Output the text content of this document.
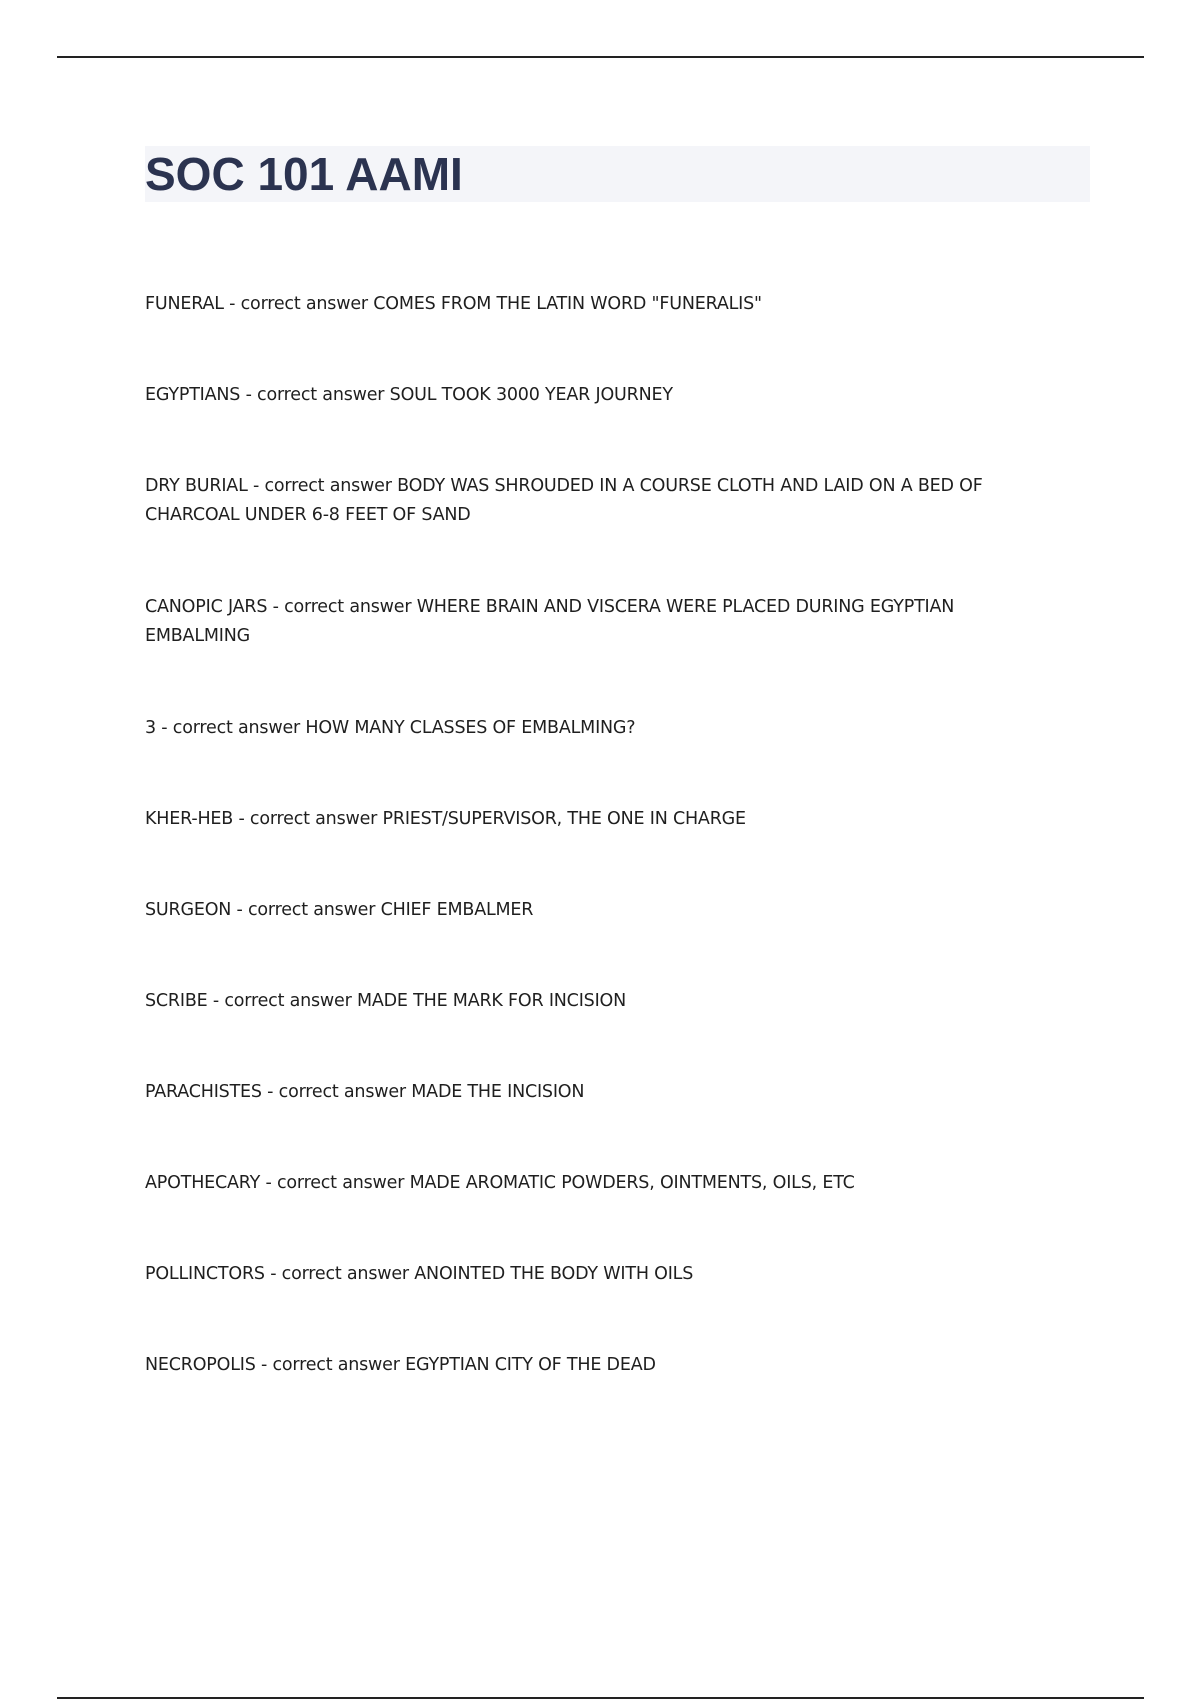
SOC 101 AAMI
FUNERAL - correct answer COMES FROM THE LATIN WORD "FUNERALIS"
EGYPTIANS - correct answer SOUL TOOK 3000 YEAR JOURNEY
DRY BURIAL - correct answer BODY WAS SHROUDED IN A COURSE CLOTH AND LAID ON A BED OF CHARCOAL UNDER 6-8 FEET OF SAND
CANOPIC JARS - correct answer WHERE BRAIN AND VISCERA WERE PLACED DURING EGYPTIAN EMBALMING
3 - correct answer HOW MANY CLASSES OF EMBALMING?
KHER-HEB - correct answer PRIEST/SUPERVISOR, THE ONE IN CHARGE
SURGEON - correct answer CHIEF EMBALMER
SCRIBE - correct answer MADE THE MARK FOR INCISION
PARACHISTES - correct answer MADE THE INCISION
APOTHECARY - correct answer MADE AROMATIC POWDERS, OINTMENTS, OILS, ETC
POLLINCTORS - correct answer ANOINTED THE BODY WITH OILS
NECROPOLIS - correct answer EGYPTIAN CITY OF THE DEAD
